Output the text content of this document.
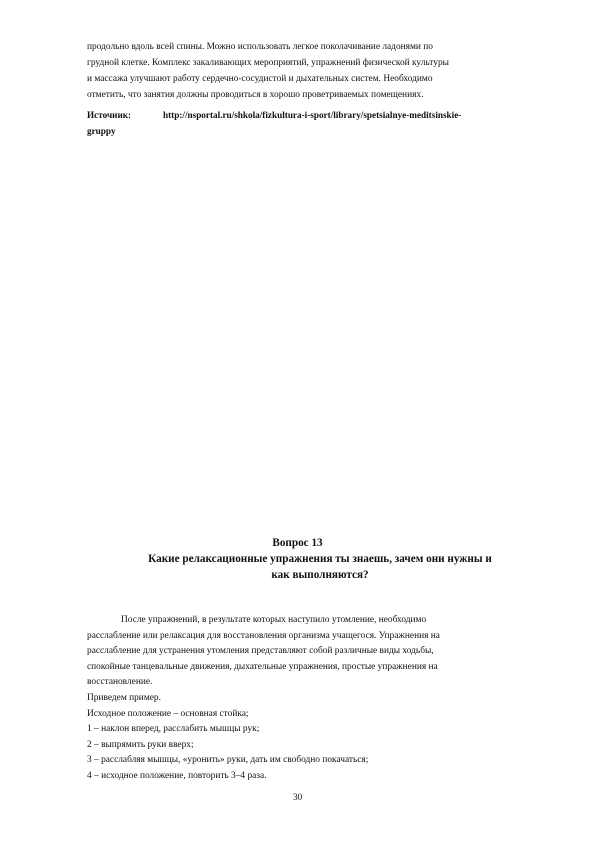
продольно вдоль всей спины. Можно использовать легкое поколачивание ладонями по
грудной клетке. Комплекс закаливающих мероприятий, упражнений физической культуры
и массажа улучшают работу сердечно-сосудистой и дыхательных систем. Необходимо
отметить, что занятия должны проводиться в хорошо проветриваемых помещениях.
Источник:	http://nsportal.ru/shkola/fizkultura-i-sport/library/spetsialnye-meditsinskie-
gruppy
Вопрос 13
Какие релаксационные упражнения ты знаешь, зачем они нужны и
как выполняются?
После упражнений, в результате которых наступило утомление, необходимо
расслабление или релаксация для восстановления организма учащегося. Упражнения на
расслабление для устранения утомления представляют собой различные виды ходьбы,
спокойные танцевальные движения, дыхательные упражнения, простые упражнения на
восстановление.
Приведем пример.
Исходное положение – основная стойка;
1 – наклон вперед, расслабить мышцы рук;
2 – выпрямить руки вверх;
3 – расслабляя мышцы, «уронить» руки, дать им свободно покачаться;
4 – исходное положение, повторить 3–4 раза.
30
